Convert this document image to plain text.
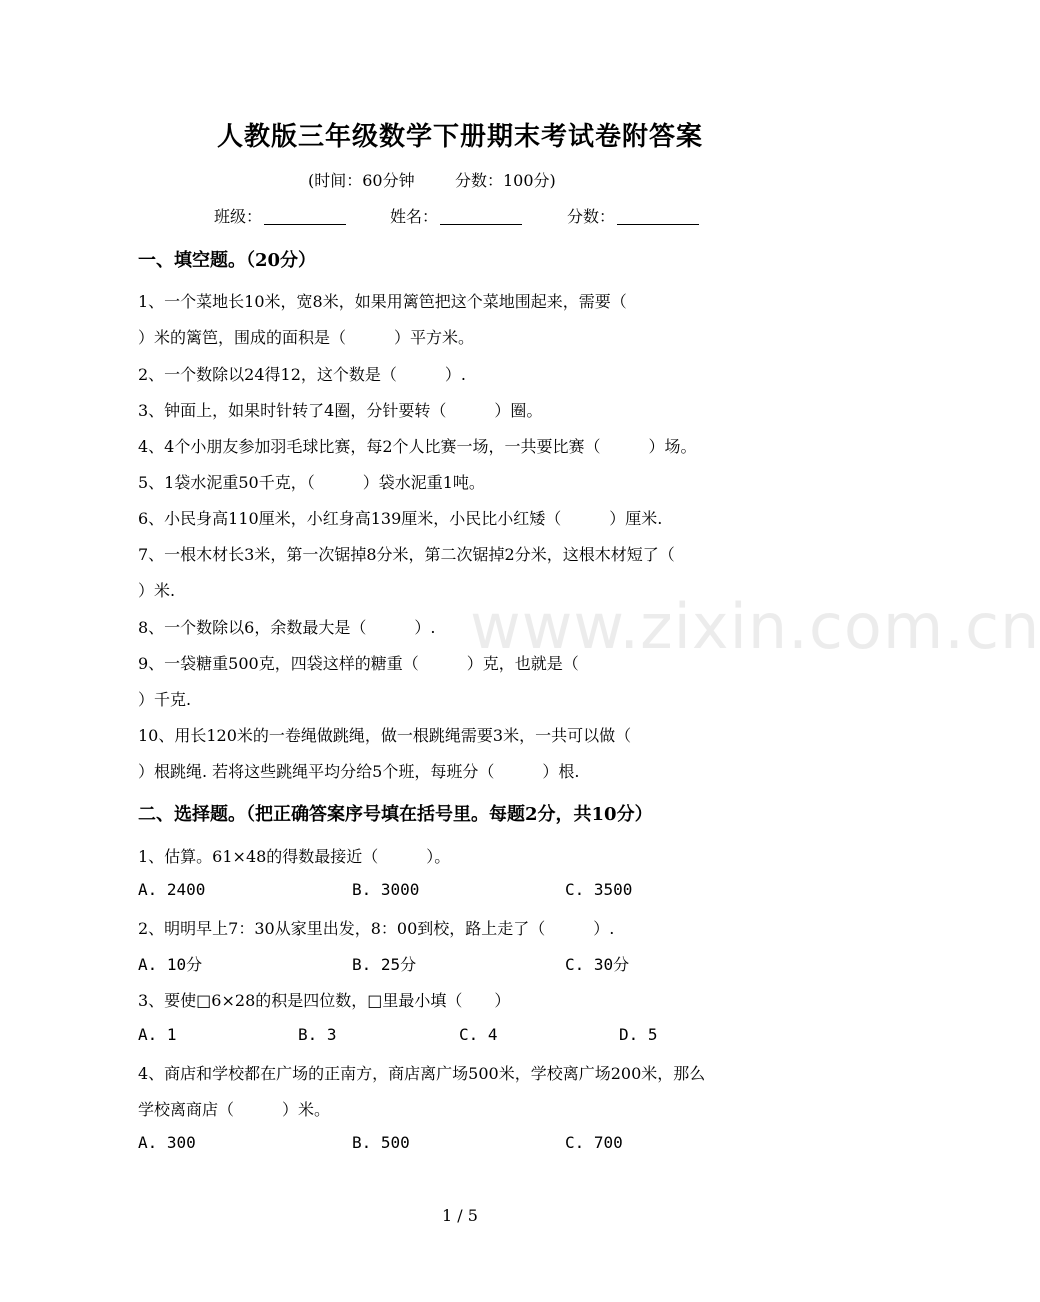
www.zixin.com.cn
人教版三年级数学下册期末考试卷附答案
(时间：60分钟	分数：100分)
班级：	姓名：	分数：
一、填空题。（20分）
1、一个菜地长10米，宽8米，如果用篱笆把这个菜地围起来，需要（
）米的篱笆，围成的面积是（　　　）平方米。
2、一个数除以24得12，这个数是（　　　）.
3、钟面上，如果时针转了4圈，分针要转（　　　）圈。
4、4个小朋友参加羽毛球比赛，每2个人比赛一场，一共要比赛（　　　）场。
5、1袋水泥重50千克，（　　　）袋水泥重1吨。
6、小民身高110厘米，小红身高139厘米，小民比小红矮（　　　）厘米.
7、一根木材长3米，第一次锯掉8分米，第二次锯掉2分米，这根木材短了（
）米.
8、一个数除以6，余数最大是（　　　）.
9、一袋糖重500克，四袋这样的糖重（　　　）克，也就是（
）千克.
10、用长120米的一卷绳做跳绳，做一根跳绳需要3米，一共可以做（
）根跳绳. 若将这些跳绳平均分给5个班，每班分（　　　）根.
二、选择题。（把正确答案序号填在括号里。每题2分，共10分）
1、估算。61×48的得数最接近（　　　）。
A. 2400	B. 3000	C. 3500
2、明明早上7：30从家里出发，8：00到校，路上走了（　　　）.
A. 10分	B. 25分	C. 30分
3、要使□6×28的积是四位数，□里最小填（　　）
A. 1	B. 3	C. 4	D. 5
4、商店和学校都在广场的正南方，商店离广场500米，学校离广场200米，那么
学校离商店（　　　）米。
A. 300	B. 500	C. 700
1 / 5
